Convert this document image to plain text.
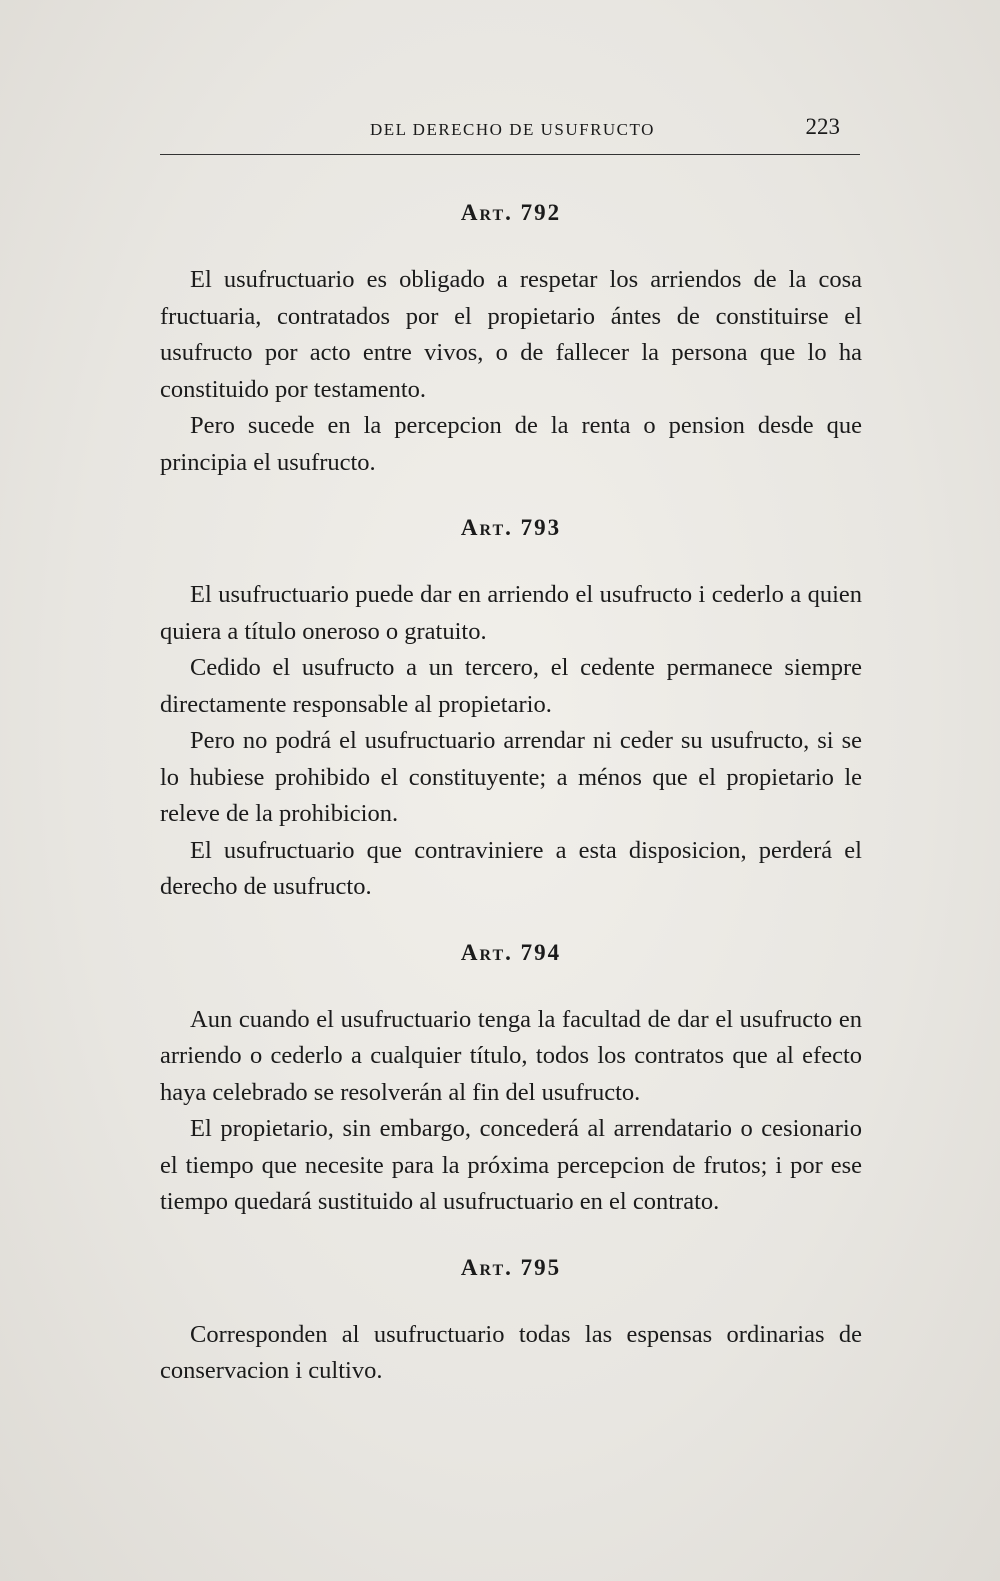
DEL DERECHO DE USUFRUCTO	223
Art. 792

El usufructuario es obligado a respetar los arriendos de la cosa fructuaria, contratados por el propietario ántes de constituirse el usufructo por acto entre vivos, o de fallecer la persona que lo ha constituido por testamento.

Pero sucede en la percepcion de la renta o pension desde que principia el usufructo.

Art. 793

El usufructuario puede dar en arriendo el usufructo i cederlo a quien quiera a título oneroso o gratuito.

Cedido el usufructo a un tercero, el cedente permanece siempre directamente responsable al propietario.

Pero no podrá el usufructuario arrendar ni ceder su usufructo, si se lo hubiese prohibido el constituyente; a ménos que el propietario le releve de la prohibicion.

El usufructuario que contraviniere a esta disposicion, perderá el derecho de usufructo.

Art. 794

Aun cuando el usufructuario tenga la facultad de dar el usufructo en arriendo o cederlo a cualquier título, todos los contratos que al efecto haya celebrado se resolverán al fin del usufructo.

El propietario, sin embargo, concederá al arrendatario o cesionario el tiempo que necesite para la próxima percepcion de frutos; i por ese tiempo quedará sustituido al usufructuario en el contrato.

Art. 795

Corresponden al usufructuario todas las espensas ordinarias de conservacion i cultivo.
